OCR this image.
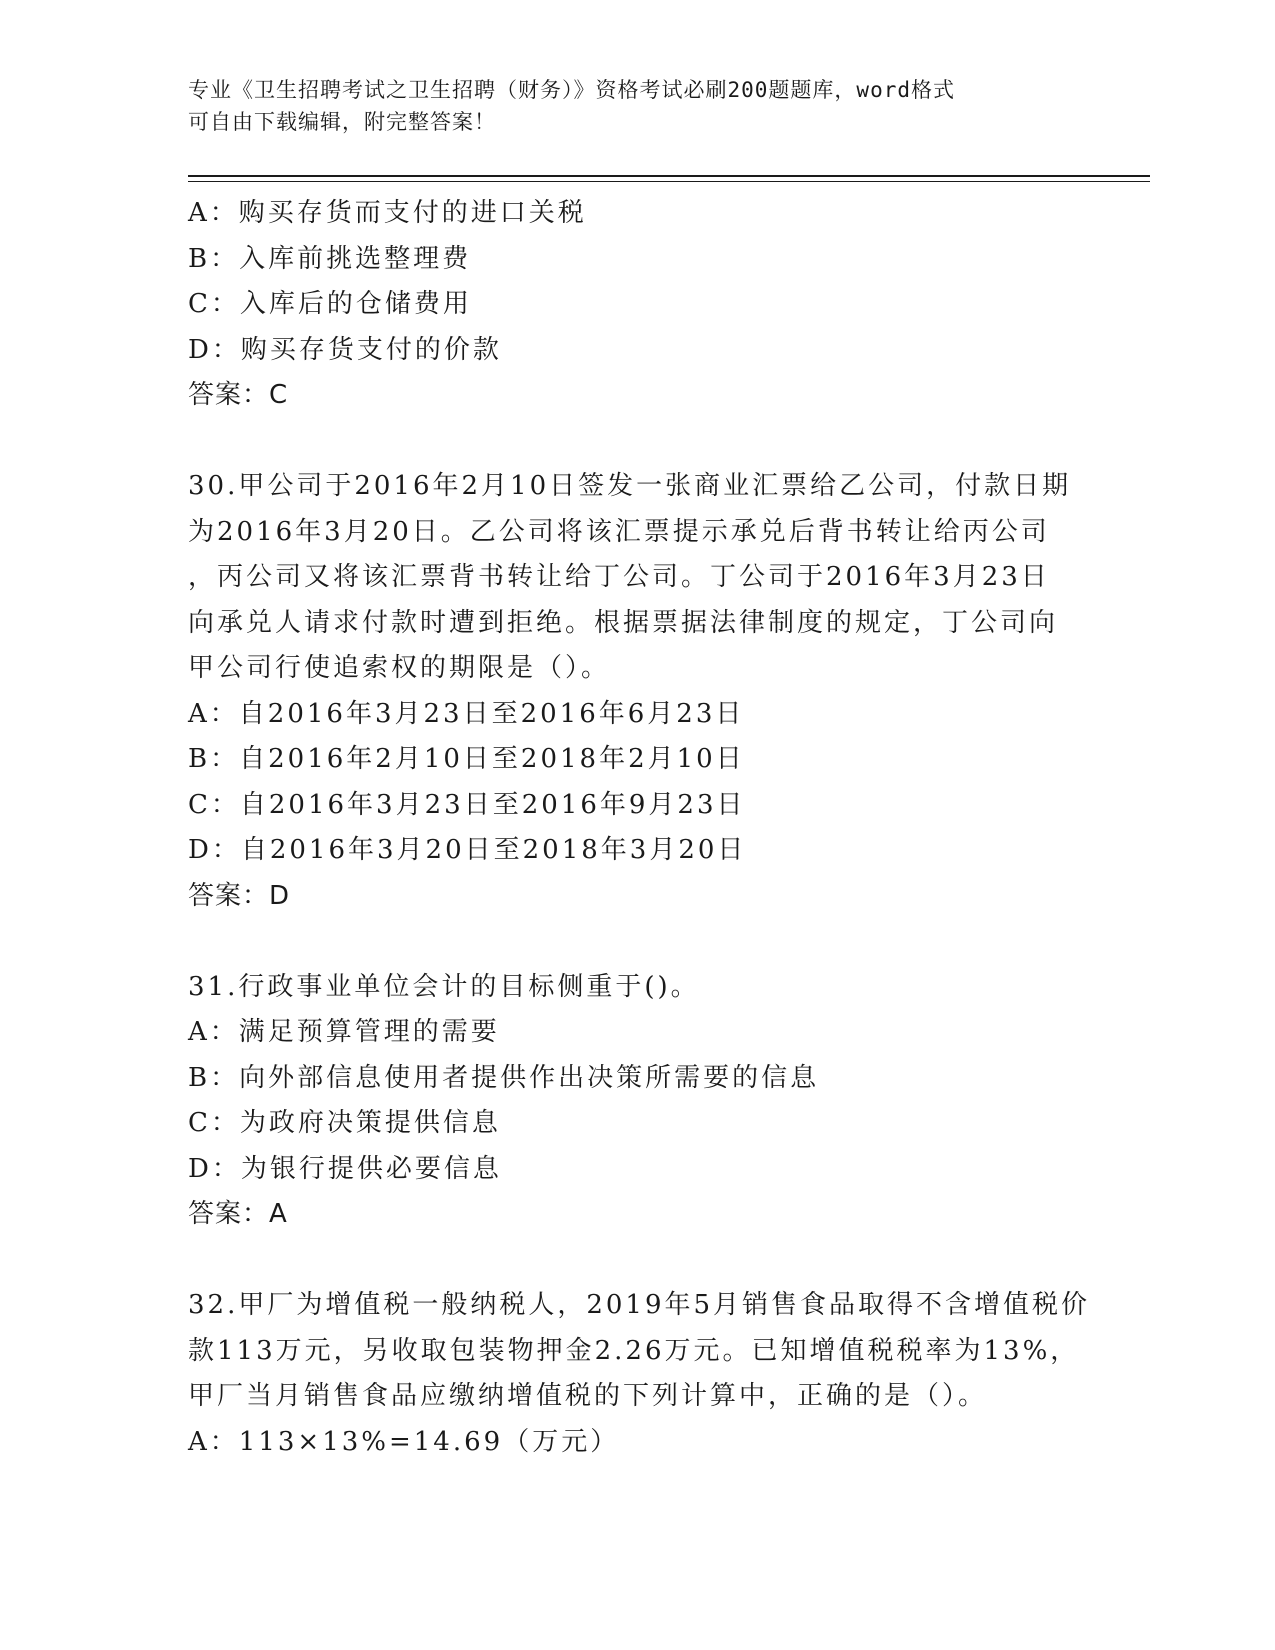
专业《卫生招聘考试之卫生招聘（财务）》资格考试必刷200题题库，word格式
可自由下载编辑，附完整答案！
A：购买存货而支付的进口关税
B：入库前挑选整理费
C：入库后的仓储费用
D：购买存货支付的价款
答案：C
30.甲公司于2016年2月10日签发一张商业汇票给乙公司，付款日期
为2016年3月20日。乙公司将该汇票提示承兑后背书转让给丙公司
，丙公司又将该汇票背书转让给丁公司。丁公司于2016年3月23日
向承兑人请求付款时遭到拒绝。根据票据法律制度的规定，丁公司向
甲公司行使追索权的期限是（）。
A：自2016年3月23日至2016年6月23日
B：自2016年2月10日至2018年2月10日
C：自2016年3月23日至2016年9月23日
D：自2016年3月20日至2018年3月20日
答案：D
31.行政事业单位会计的目标侧重于()。
A：满足预算管理的需要
B：向外部信息使用者提供作出决策所需要的信息
C：为政府决策提供信息
D：为银行提供必要信息
答案：A
32.甲厂为增值税一般纳税人，2019年5月销售食品取得不含增值税价
款113万元，另收取包装物押金2.26万元。已知增值税税率为13%，
甲厂当月销售食品应缴纳增值税的下列计算中，正确的是（）。
A：113×13%=14.69（万元）
